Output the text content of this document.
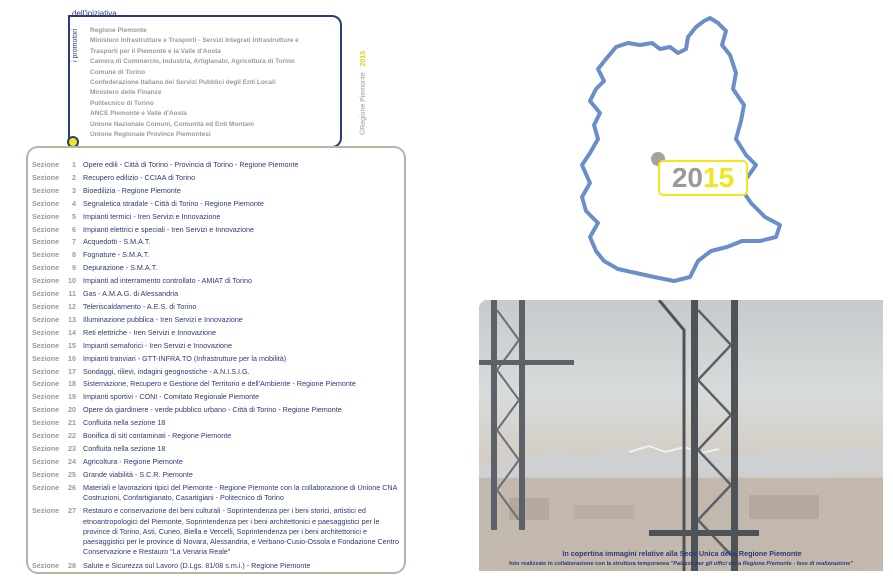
dell'iniziativa
i promotori Regione Piemonte
Ministero Infrastrutture e Trasporti - Servizi Integrati Infrastrutture e
Trasporti per il Piemonte e la Valle d'Aosta
Camera di Commercio, Industria, Artigianato, Agricoltura di Torino
Comune di Torino
Confederazione Italiana dei Servizi Pubblici degli Enti Locali
Ministero delle Finanze
Politecnico di Torino
ANCE Piemonte e Valle d'Aosta
Unione Nazionale Comuni, Comunità ed Enti Montani
Unione Regionale Province Piemontesi	©Regione Piemonte   2015
Sezione	1 Opere edili - Città di Torino - Provincia di Torino - Regione Piemonte
Sezione	2 Recupero edilizio - CCIAA di Torino
Sezione	3 Bioedilizia - Regione Piemonte
Sezione	4 Segnaletica stradale - Città di Torino - Regione Piemonte
Sezione	5 Impianti termici - Iren Servizi e Innovazione
Sezione	6 Impianti elettrici e speciali - Iren Servizi e Innovazione
Sezione	7 Acquedotti - S.M.A.T.
Sezione	8 Fognature - S.M.A.T.
Sezione	9 Depurazione - S.M.A.T.
Sezione	10 Impianti ad interramento controllato - AMIAT di Torino
Sezione	11 Gas - A.M.A.G. di Alessandria
Sezione	12 Teleriscaldamento - A.E.S. di Torino
Sezione	13 Illuminazione pubblica - Iren Servizi e Innovazione
Sezione	14 Reti elettriche - Iren Servizi e Innovazione
Sezione	15 Impianti semaforici - Iren Servizi e Innovazione
Sezione	16 Impianti tranviari - GTT-INFRA.TO (Infrastrutture per la mobilità)
Sezione	17 Sondaggi, rilievi, indagini geognostiche - A.N.I.S.I.G.
Sezione	18 Sistemazione, Recupero e Gestione del Territorio e dell'Ambiente - Regione Piemonte
Sezione	19 Impianti sportivi - CONI - Comitato Regionale Piemonte
Sezione	20 Opere da giardiniere - verde pubblico urbano - Città di Torino - Regione Piemonte
Sezione	21 Confluita nella sezione 18
Sezione	22 Bonifica di siti contaminati - Regione Piemonte
Sezione	23 Confluita nella sezione 18
Sezione	24 Agricoltura - Regione Piemonte
Sezione	25 Grande viabilità - S.C.R. Piemonte
Sezione	26 Materiali e lavorazioni tipici del Piemonte - Regione Piemonte con la collaborazione di Unione CNA Costruzioni, Confartigianato, Casartigiani - Politecnico di Torino
Sezione	27 Restauro e conservazione dei beni culturali - Soprintendenza per i beni storici, artistici ed etnoantropologici del Piemonte, Soprintendenza per i beni architettonici e paesaggistici per le province di Torino, Asti, Cuneo, Biella e Vercelli, Soprintendenza per i beni architettonici e paesaggistici per le province di Novara, Alessandria, e Verbano-Cusio-Ossola e Fondazione Centro Conservazione e Restauro "La Venaria Reale"
Sezione	28 Salute e Sicurezza sul Lavoro (D.Lgs. 81/08 s.m.i.) - Regione Piemonte
2015
In copertina immagini relative alla Sede Unica della Regione Piemonte
foto realizzate in collaborazione con la struttura temporanea "Palazzo per gli uffici della Regione Piemonte - fase di realizzazione"
